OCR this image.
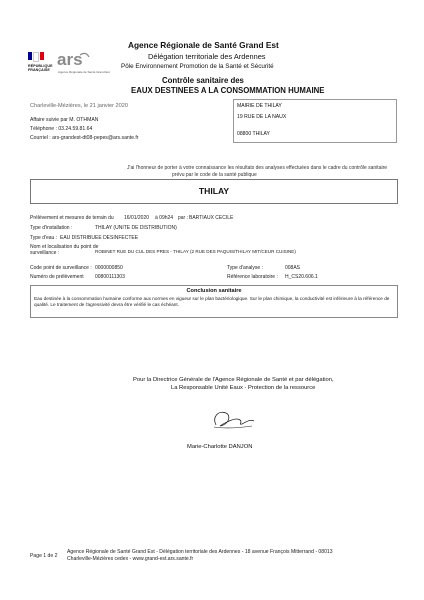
RÉPUBLIQUE
FRANÇAISE
ars
Agence Régionale de Santé Grand Est
Agence Régionale de Santé Grand Est
Délégation territoriale des Ardennes
Pôle Environnement Promotion de la Santé et Sécurité
Contrôle sanitaire des
EAUX DESTINEES A LA CONSOMMATION HUMAINE
Charleville-Mézières, le 21 janvier 2020
Affaire suivie par M. OTHMAN
Téléphone : 03.24.59.81.64
Courriel : ars-grandest-dt08-pepes@ars.sante.fr
MAIRIE DE THILAY
19 RUE DE LA NAUX
08800 THILAY
J'ai l'honneur de porter à votre connaissance les résultats des analyses effectuées dans le cadre du contrôle sanitaire
prévu par le code de la santé publique
THILAY
Prélèvement et mesures de terrain du 16/01/2020 à 09h24 par : BARTIAUX CECILE
Type d'installation :	THILAY (UNITE DE DISTRIBUTION)
Type d'eau : EAU DISTRIBUEE DESINFECTEE
Nom et localisation du point de
surveillance :	ROBINET RUE DU CUL DES PRES - THILAY (2 RUE DES PAQUIS/THILAY MIT/CEUR CUISINE)
Code point de surveillance : 0000000850	Type d'analyse :	008AS
Numéro de prélèvement 00800111303	Référence laboratoire : H_CS20.606.1
Conclusion sanitaire
Eau destinée à la consommation humaine conforme aux normes en vigueur sur le plan bactériologique. Sur le plan chimique, la conductivité est inférieure à la référence de qualité. Le traitement de l'agressivité devra être vérifié le cas échéant.
Pour la Directrice Générale de l'Agence Régionale de Santé et par délégation,
La Responsable Unité Eaux - Protection de la ressource
Marie-Charlotte DANJON
Page 1 de 2
Agence Régionale de Santé Grand Est - Délégation territoriale des Ardennes - 18 avenue François Mitterrand - 08013
Charleville-Mézières cedex - www.grand-est.ars.sante.fr
